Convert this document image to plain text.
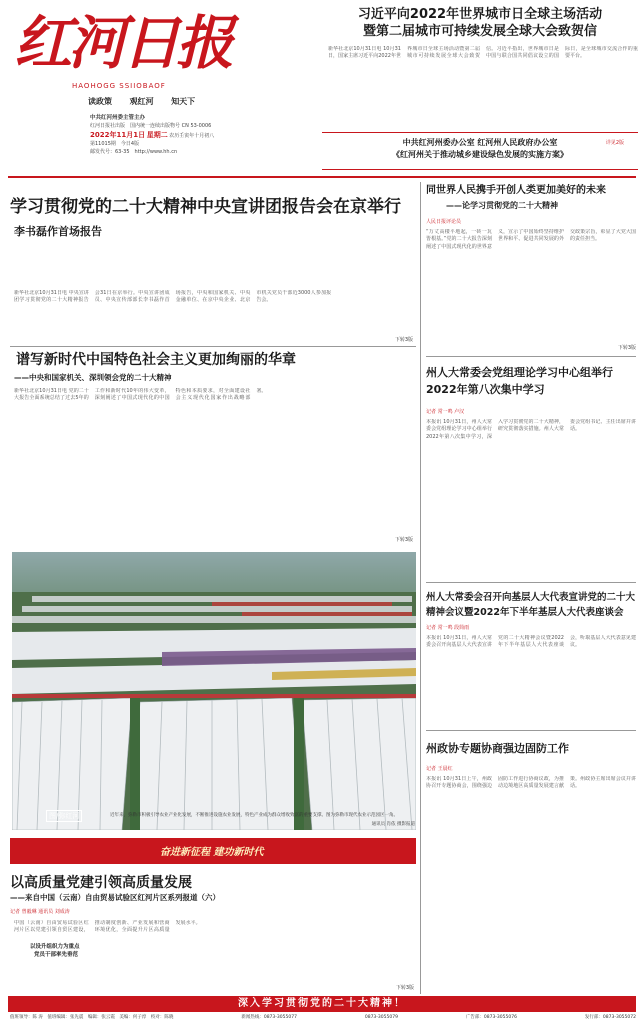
红河日报
HAOHOGG SSIIOBAOF
读政策 观红河 知天下
中共红河州委主管主办
红河日报社出版　 国内统一连续出版物号 CN 53-0006
2022年11月1日 星期二 农历壬寅年十月初八
第11015期　 今日4版
邮发代号：63-35　 http://www.hh.cn
习近平向2022年世界城市日全球主场活动
暨第二届城市可持续发展全球大会致贺信
新华社北京10月31日电 10月31日，国家主席习近平向2022年世界城市日全球主场活动暨第二届城市可持续发展全球大会致贺信。习近平指出，世界城市日是中国与联合国共同倡议设立的国际日，是全球城市交流合作的重要平台。
中共红河州委办公室 红河州人民政府办公室
《红河州关于推动城乡建设绿色发展的实施方案》
详见2版
学习贯彻党的二十大精神中央宣讲团报告会在京举行
李书磊作首场报告
新华社北京10月31日电 中央宣讲团学习贯彻党的二十大精神报告会31日在京举行。中央宣讲团成员、中央宣传部部长李书磊作首场报告，中央和国家机关、中央金融单位、在京中央企业、北京市机关党员干部近3000人参加报告会。
下转3版
谱写新时代中国特色社会主义更加绚丽的华章
——中央和国家机关、深圳领会党的二十大精神
新华社北京10月31日电 党的二十大报告全面系统总结了过去5年的工作和新时代10年的伟大变革，深刻阐述了中国式现代化的中国特色和本质要求，对全面建设社会主义现代化国家作出战略部署。
下转3版
图/弥红河	近年来，弥勒市积极引导农业产业化发展，不断推进设施农业发展，特色产业成为群众增收致富的重要支撑。图为弥勒市现代农业示范园区一角。
通讯员 肖依 摄影报道
奋进新征程 建功新时代
以高质量党建引领高质量发展
——来自中国（云南）自由贸易试验区红河片区系列报道（六）
记者 曾毅琳 通讯员 刘成涛
中国（云南）自由贸易试验区红河片区以党建引领自贸区建设，推动制度创新、产业发展和营商环境优化，全面提升片区高质量发展水平。
以设升组织力为重点
党员干部率先垂范
下转3版
同世界人民携手开创人类更加美好的未来
——论学习贯彻党的二十大精神
人民日报评论员
“万丈高楼平地起，一砖一瓦皆根基。”党的二十大报告深刻阐述了中国式现代化的世界意义，宣示了中国始终坚持维护世界和平、促进共同发展的外交政策宗旨，彰显了大党大国的责任担当。
下转3版
州人大常委会党组理论学习中心组举行2022年第八次集中学习
记者 常一鸣 卢汉
本报讯 10月31日，州人大常委会党组理论学习中心组举行2022年第八次集中学习，深入学习贯彻党的二十大精神，研究贯彻落实措施。州人大常委会党组书记、主任出席并讲话。
州人大常委会召开向基层人大代表宣讲党的二十大精神会议暨2022年下半年基层人大代表座谈会
记者 常一鸣 段简雨
本报讯 10月31日，州人大常委会召开向基层人大代表宣讲党的二十大精神会议暨2022年下半年基层人大代表座谈会，听取基层人大代表意见建议。
州政协专题协商强边固防工作
记者 王晨红
本报讯 10月31日上午，州政协召开专题协商会，围绕强边固防工作进行协商议政，为推动边境地区高质量发展建言献策。州政协主席出席会议并讲话。
深入学习贯彻党的二十大精神！
值班领导：陈 涛　值班编辑：张先震　编辑：张云霞　美编：何子淳　校对：陈晓	新闻热线：0873-3055077	0873-3055079	广告部：0873-3055076	发行部：0873-3055072
